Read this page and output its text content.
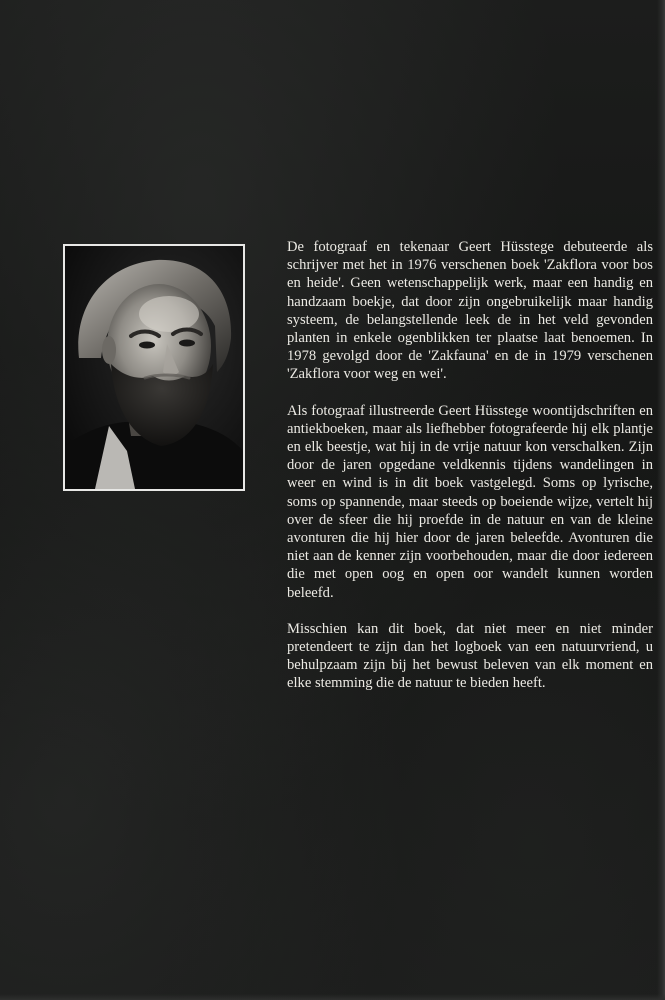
De fotograaf en tekenaar Geert Hüsstege debuteerde als schrijver met het in 1976 verschenen boek 'Zakflora voor bos en heide'. Geen wetenschappelijk werk, maar een handig en handzaam boekje, dat door zijn ongebruikelijk maar handig systeem, de belangstellende leek de in het veld gevonden planten in enkele ogenblikken ter plaatse laat benoemen. In 1978 gevolgd door de 'Zakfauna' en de in 1979 verschenen 'Zakflora voor weg en wei'.

Als fotograaf illustreerde Geert Hüsstege woontijdschriften en antiekboeken, maar als liefhebber fotografeerde hij elk plantje en elk beestje, wat hij in de vrije natuur kon verschalken. Zijn door de jaren opgedane veldkennis tijdens wandelingen in weer en wind is in dit boek vastgelegd. Soms op lyrische, soms op spannende, maar steeds op boeiende wijze, vertelt hij over de sfeer die hij proefde in de natuur en van de kleine avonturen die hij hier door de jaren beleefde. Avonturen die niet aan de kenner zijn voorbehouden, maar die door iedereen die met open oog en open oor wandelt kunnen worden beleefd.

Misschien kan dit boek, dat niet meer en niet minder pretendeert te zijn dan het logboek van een natuurvriend, u behulpzaam zijn bij het bewust beleven van elk moment en elke stemming die de natuur te bieden heeft.
